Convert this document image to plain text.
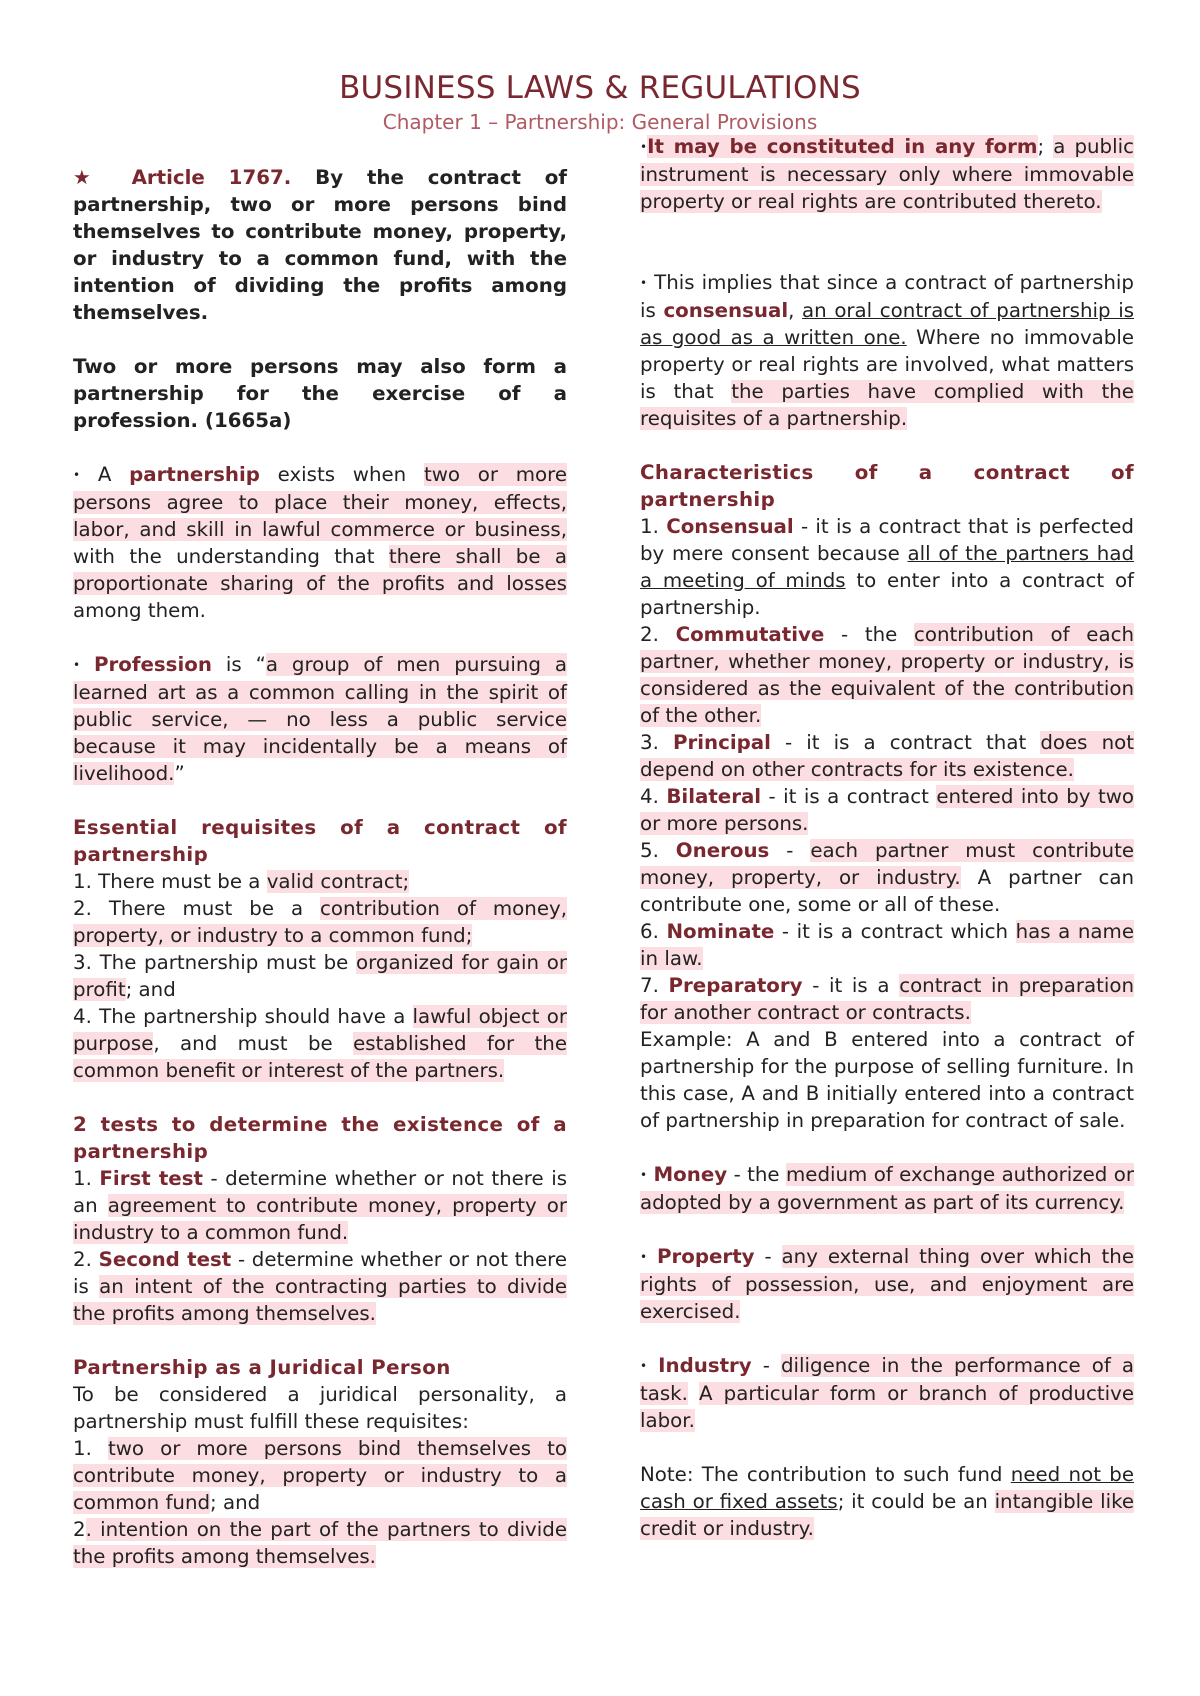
BUSINESS LAWS & REGULATIONS
Chapter 1 – Partnership: General Provisions

★ Article 1767. By the contract of partnership, two or more persons bind themselves to contribute money, property, or industry to a common fund, with the intention of dividing the profits among themselves.

Two or more persons may also form a partnership for the exercise of a profession. (1665a)

• A partnership exists when two or more persons agree to place their money, effects, labor, and skill in lawful commerce or business, with the understanding that there shall be a proportionate sharing of the profits and losses among them.

• Profession is “a group of men pursuing a learned art as a common calling in the spirit of public service, — no less a public service because it may incidentally be a means of livelihood.”

Essential requisites of a contract of partnership

1. There must be a valid contract;

2. There must be a contribution of money, property, or industry to a common fund;

3. The partnership must be organized for gain or profit; and

4. The partnership should have a lawful object or purpose, and must be established for the common benefit or interest of the partners.

2 tests to determine the existence of a partnership

1. First test - determine whether or not there is an agreement to contribute money, property or industry to a common fund.

2. Second test - determine whether or not there is an intent of the contracting parties to divide the profits among themselves.

Partnership as a Juridical Person

To be considered a juridical personality, a partnership must fulfill these requisites:

1. two or more persons bind themselves to contribute money, property or industry to a common fund; and

2. intention on the part of the partners to divide the profits among themselves.

•It may be constituted in any form; a public instrument is necessary only where immovable property or real rights are contributed thereto.

• This implies that since a contract of partnership is consensual, an oral contract of partnership is as good as a written one. Where no immovable property or real rights are involved, what matters is that the parties have complied with the requisites of a partnership.

Characteristics of a contract of partnership

1. Consensual - it is a contract that is perfected by mere consent because all of the partners had a meeting of minds to enter into a contract of partnership.

2. Commutative - the contribution of each partner, whether money, property or industry, is considered as the equivalent of the contribution of the other.

3. Principal - it is a contract that does not depend on other contracts for its existence.

4. Bilateral - it is a contract entered into by two or more persons.

5. Onerous - each partner must contribute money, property, or industry. A partner can contribute one, some or all of these.

6. Nominate - it is a contract which has a name in law.

7. Preparatory - it is a contract in preparation for another contract or contracts.

Example: A and B entered into a contract of partnership for the purpose of selling furniture. In this case, A and B initially entered into a contract of partnership in preparation for contract of sale.

• Money - the medium of exchange authorized or adopted by a government as part of its currency.

• Property - any external thing over which the rights of possession, use, and enjoyment are exercised.

• Industry - diligence in the performance of a task. A particular form or branch of productive labor.

Note: The contribution to such fund need not be cash or fixed assets; it could be an intangible like credit or industry.
